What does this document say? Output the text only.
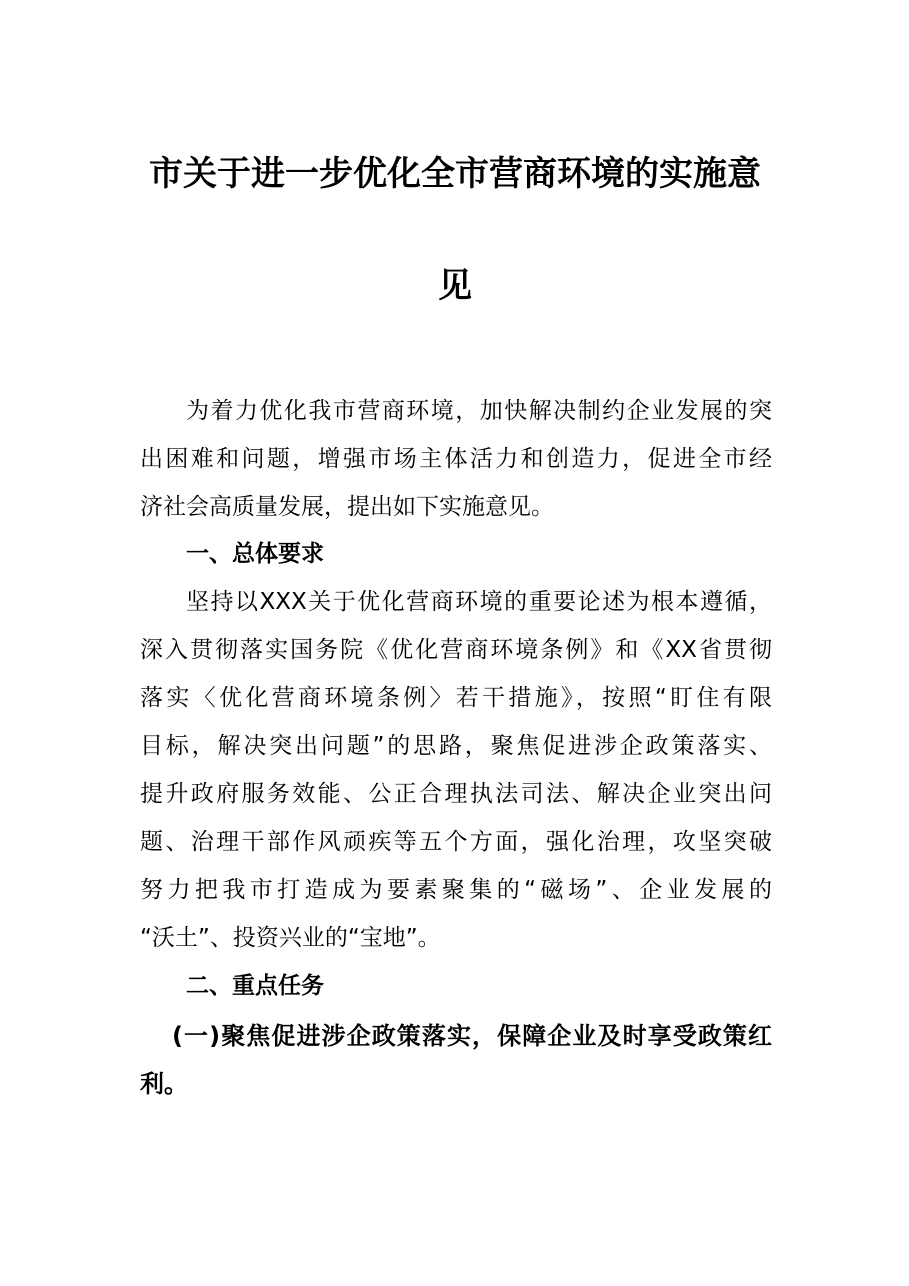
市关于进一步优化全市营商环境的实施意
见
为着力优化我市营商环境，加快解决制约企业发展的突
出困难和问题，增强市场主体活力和创造力，促进全市经
济社会高质量发展，提出如下实施意见。
一、总体要求
坚持以XXX关于优化营商环境的重要论述为根本遵循，
深入贯彻落实国务院《优化营商环境条例》和《XX省贯彻
落实〈优化营商环境条例〉若干措施》，按照“盯住有限
目标，解决突出问题”的思路，聚焦促进涉企政策落实、
提升政府服务效能、公正合理执法司法、解决企业突出问
题、治理干部作风顽疾等五个方面，强化治理，攻坚突破
努力把我市打造成为要素聚集的“磁场”、企业发展的
“沃土”、投资兴业的“宝地”。
二、重点任务
(一)聚焦促进涉企政策落实，保障企业及时享受政策红
利。
